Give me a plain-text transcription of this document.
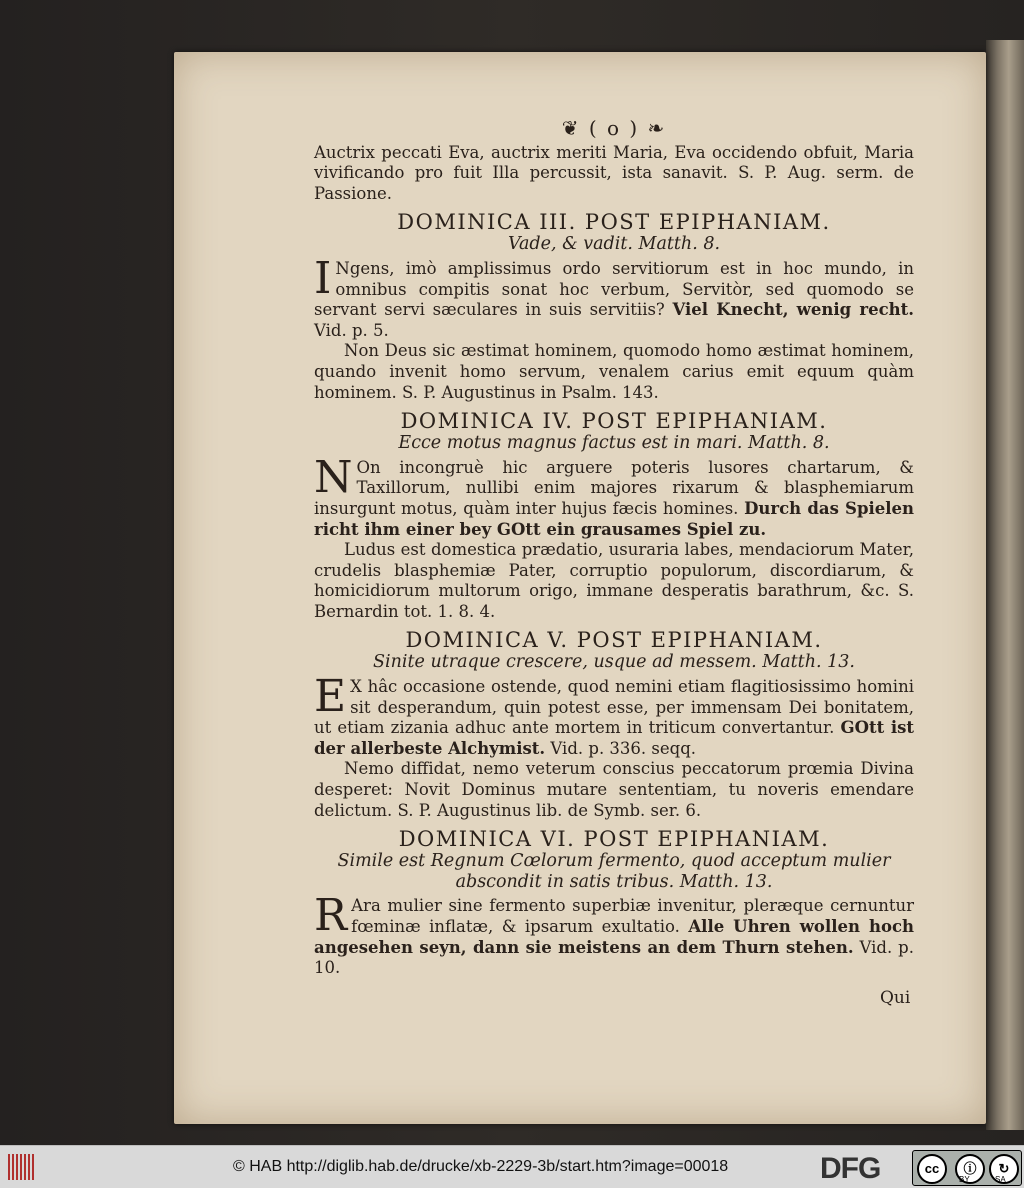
❦ ( o ) ❧

Auctrix peccati Eva, auctrix meriti Maria, Eva occidendo obfuit, Maria vivificando pro fuit Illa percussit, ista sanavit. S. P. Aug. serm. de Passione.

DOMINICA III. POST EPIPHANIAM.

Vade, & vadit. Matth. 8.

I Ngens, imò amplissimus ordo servitiorum est in hoc mundo, in omnibus compitis sonat hoc verbum, Servitòr, sed quomodo se servant servi sæculares in suis servitiis? Viel Knecht, wenig recht. Vid. p. 5.

Non Deus sic æstimat hominem, quomodo homo æstimat hominem, quando invenit homo servum, venalem carius emit equum quàm hominem. S. P. Augustinus in Psalm. 143.

DOMINICA IV. POST EPIPHANIAM.

Ecce motus magnus factus est in mari. Matth. 8.

N On incongruè hic arguere poteris lusores chartarum, & Taxillorum, nullibi enim majores rixarum & blasphemiarum insurgunt motus, quàm inter hujus fæcis homines. Durch das Spielen richt ihm einer bey GOtt ein grausames Spiel zu.

Ludus est domestica prædatio, usuraria labes, mendaciorum Mater, crudelis blasphemiæ Pater, corruptio populorum, discordiarum, & homicidiorum multorum origo, immane desperatis barathrum, &c. S. Bernardin tot. 1. 8. 4.

DOMINICA V. POST EPIPHANIAM.

Sinite utraque crescere, usque ad messem. Matth. 13.

E X hâc occasione ostende, quod nemini etiam flagitiosissimo homini sit desperandum, quin potest esse, per immensam Dei bonitatem, ut etiam zizania adhuc ante mortem in triticum convertantur. GOtt ist der allerbeste Alchymist. Vid. p. 336. seqq.

Nemo diffidat, nemo veterum conscius peccatorum prœmia Divina desperet: Novit Dominus mutare sententiam, tu noveris emendare delictum. S. P. Augustinus lib. de Symb. ser. 6.

DOMINICA VI. POST EPIPHANIAM.

Simile est Regnum Cœlorum fermento, quod acceptum mulier abscondit in satis tribus. Matth. 13.

R Ara mulier sine fermento superbiæ invenitur, pleræque cernuntur fœminæ inflatæ, & ipsarum exultatio. Alle Uhren wollen hoch angesehen seyn, dann sie meistens an dem Thurn stehen. Vid. p. 10.

Qui
© HAB http://diglib.hab.de/drucke/xb-2229-3b/start.htm?image=00018	DFG	cc	ⓘ	↻
BY	SA
